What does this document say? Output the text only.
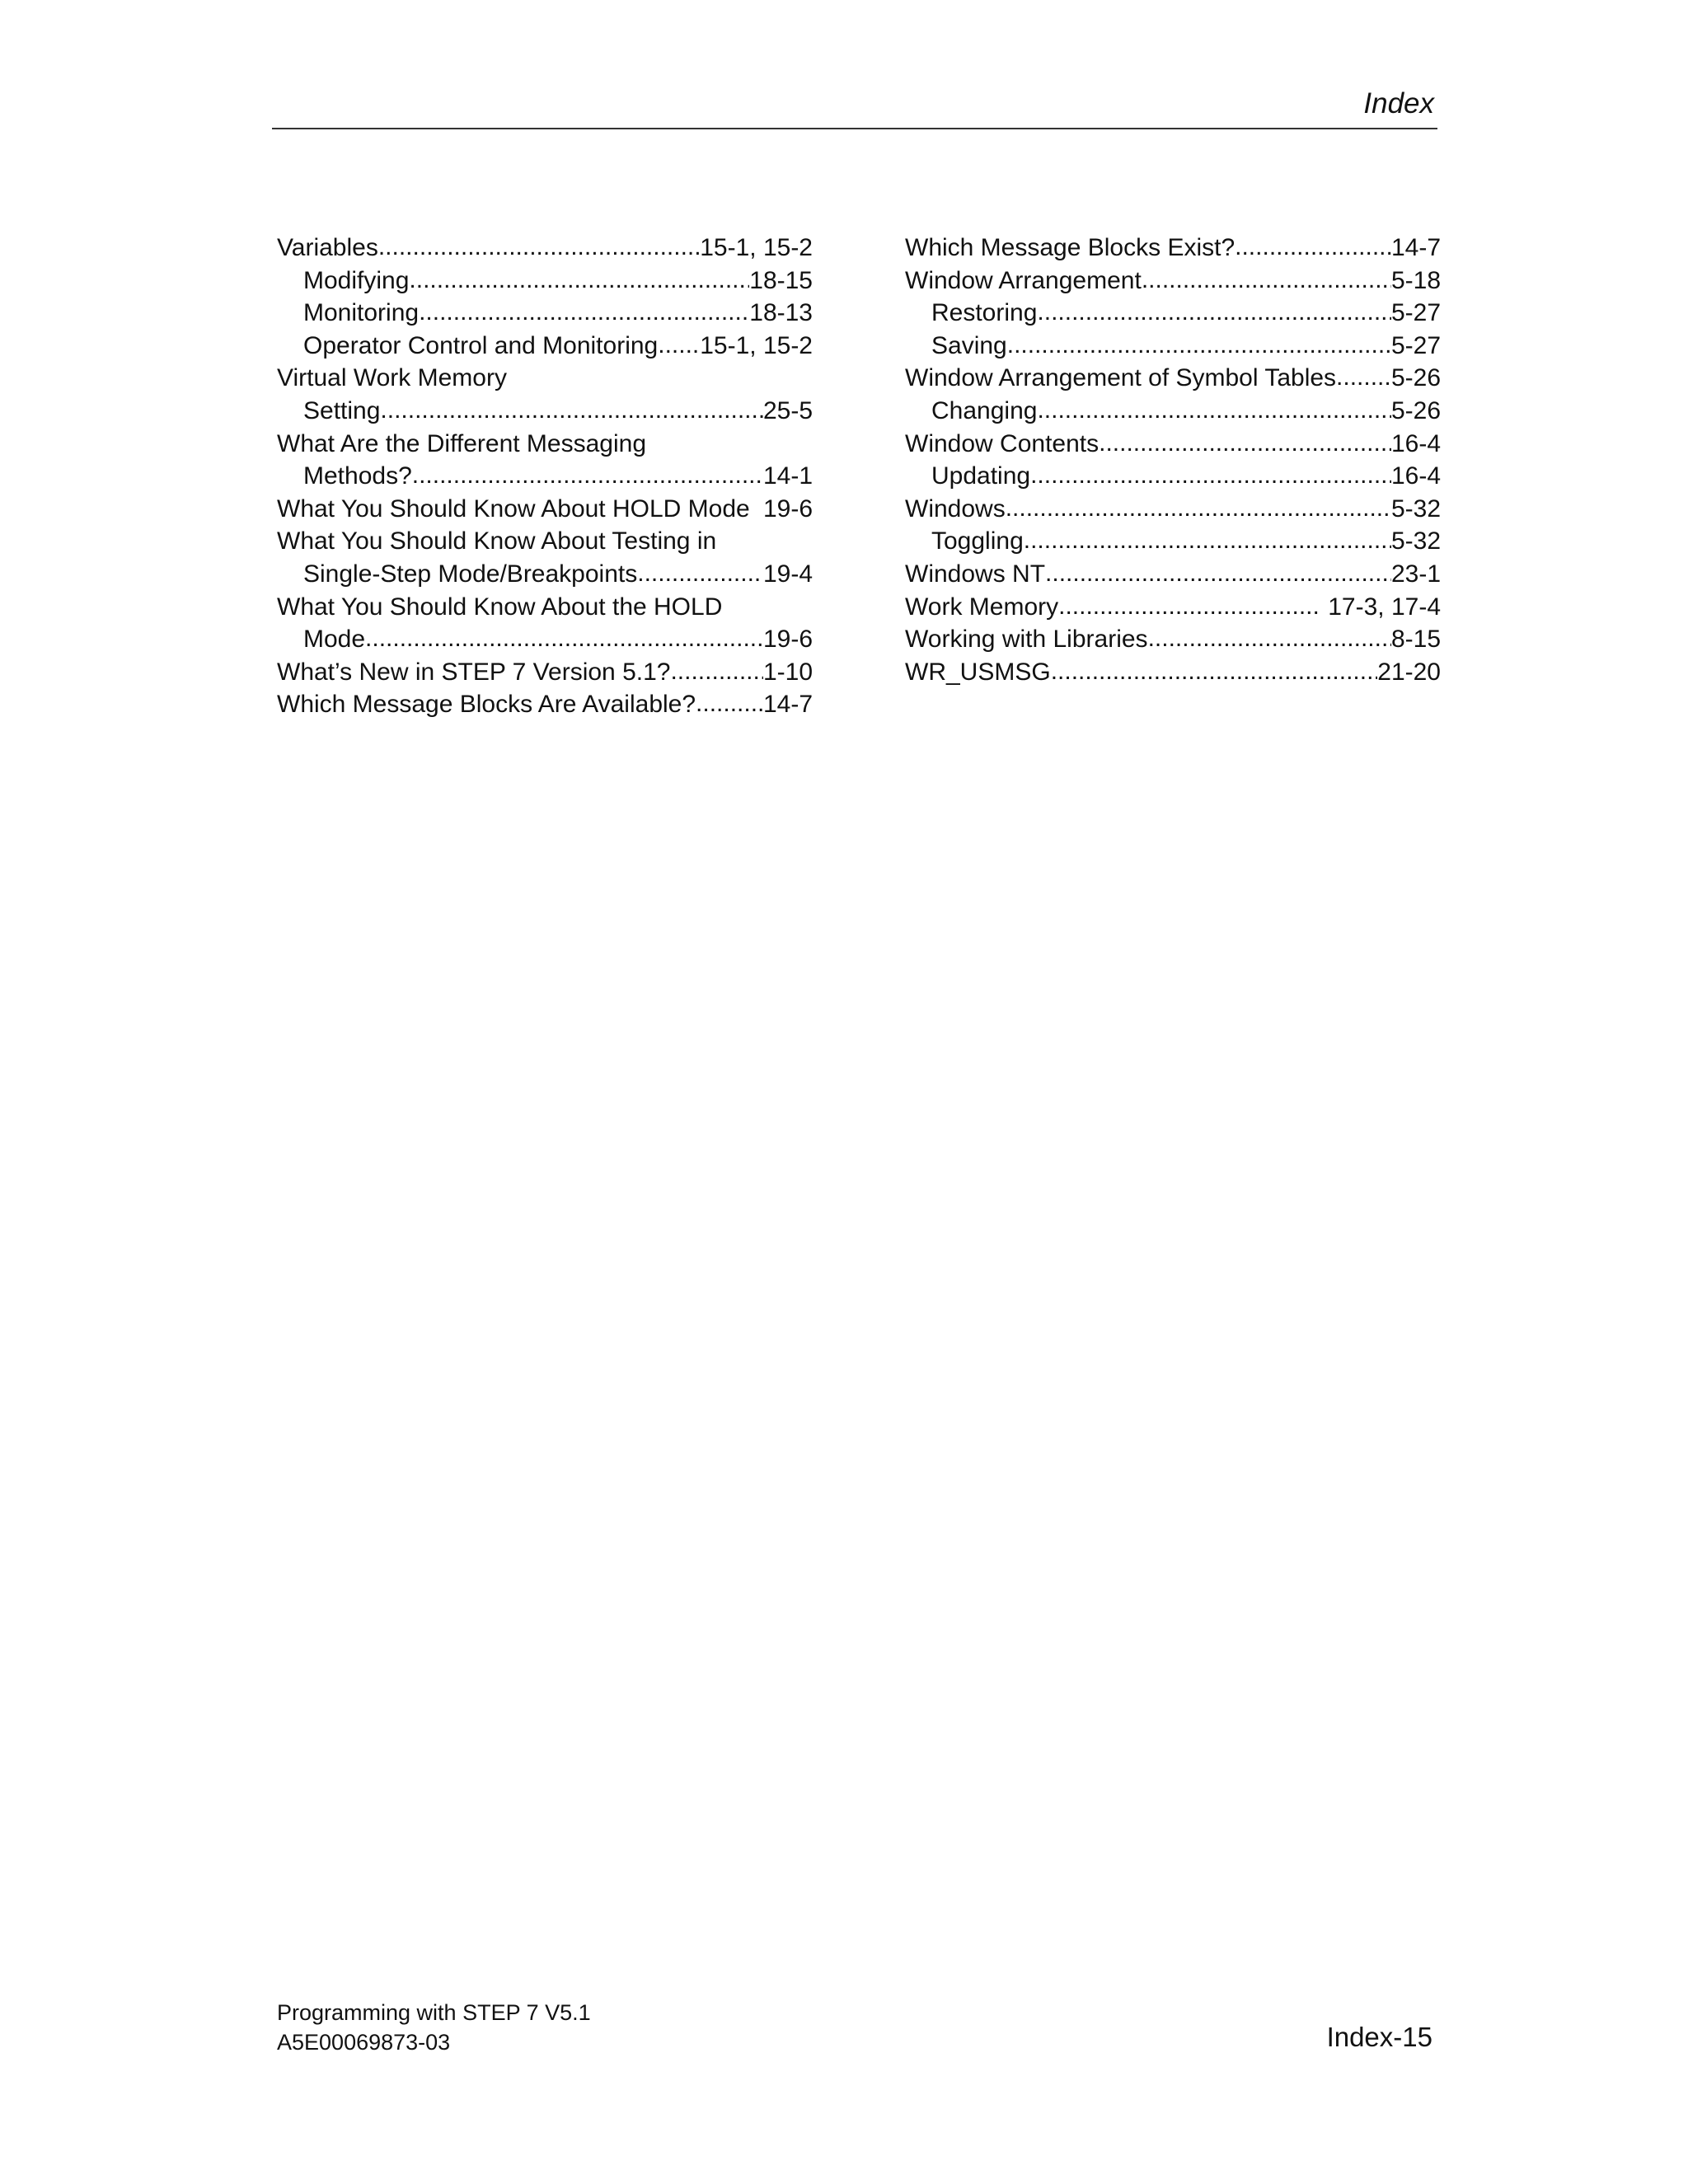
Index
Variables .....	15-1, 15-2
Modifying .....	18-15
Monitoring .....	18-13
Operator Control and Monitoring ..... 15-1, 15-2
Virtual Work Memory
Setting .....	25-5
What Are the Different Messaging
Methods? .....	14-1
What You Should Know About HOLD Mode 19-6
What You Should Know About Testing in
Single-Step Mode/Breakpoints .....	19-4
What You Should Know About the HOLD
Mode .....	19-6
What’s New in STEP 7 Version 5.1? .....	1-10
Which Message Blocks Are Available? .....	14-7
Which Message Blocks Exist? .....	14-7
Window Arrangement .....	5-18
Restoring .....	5-27
Saving .....	5-27
Window Arrangement of Symbol Tables ..... 5-26
Changing .....	5-26
Window Contents .....	16-4
Updating .....	16-4
Windows .....	5-32
Toggling .....	5-32
Windows NT .....	23-1
Work Memory .....	17-3, 17-4
Working with Libraries .....	8-15
WR_USMSG .....	21-20
Programming with STEP 7 V5.1
A5E00069873-03	Index-15
